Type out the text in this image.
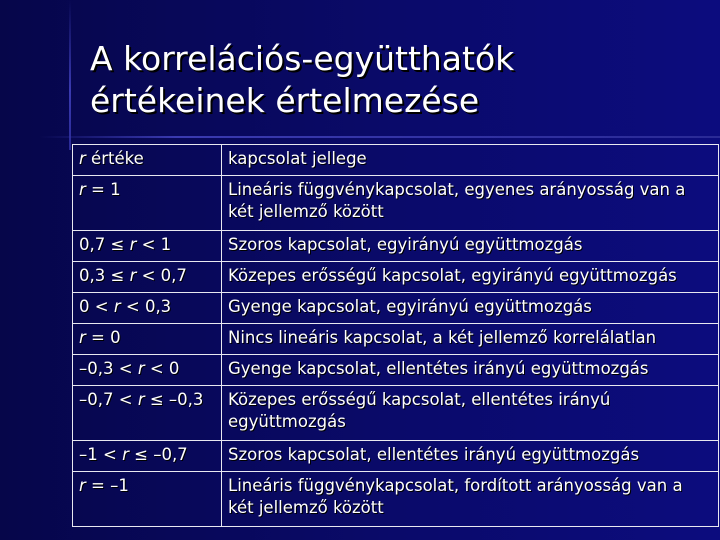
A korrelációs-együtthatók
értékeinek értelmezése
r értéke	kapcsolat jellege
r = 1	Lineáris függvénykapcsolat, egyenes arányosság van a két jellemző között
0,7 ≤ r < 1	Szoros kapcsolat, egyirányú együttmozgás
0,3 ≤ r < 0,7	Közepes erősségű kapcsolat, egyirányú együttmozgás
0 < r < 0,3	Gyenge kapcsolat, egyirányú együttmozgás
r = 0	Nincs lineáris kapcsolat, a két jellemző korrelálatlan
–0,3 < r < 0	Gyenge kapcsolat, ellentétes irányú együttmozgás
–0,7 < r ≤ –0,3	Közepes erősségű kapcsolat, ellentétes irányú együttmozgás
–1 < r ≤ –0,7	Szoros kapcsolat, ellentétes irányú együttmozgás
r = –1	Lineáris függvénykapcsolat, fordított arányosság van a két jellemző között
